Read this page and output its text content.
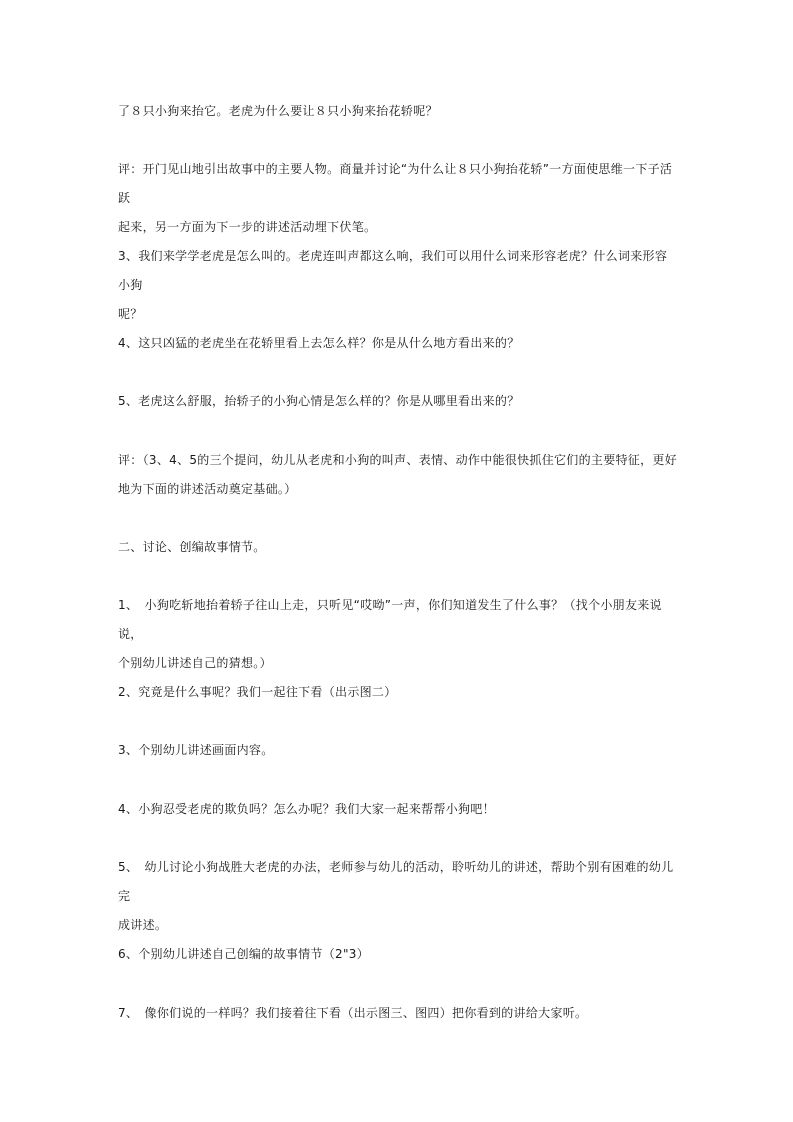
了８只小狗来抬它。老虎为什么要让８只小狗来抬花轿呢？

评：开门见山地引出故事中的主要人物。商量并讨论“为什么让８只小狗抬花轿”一方面使思维一下子活跃
起来，另一方面为下一步的讲述活动埋下伏笔。

3、我们来学学老虎是怎么叫的。老虎连叫声都这么响，我们可以用什么词来形容老虎？什么词来形容小狗
呢？

4、这只凶猛的老虎坐在花轿里看上去怎么样？你是从什么地方看出来的？

5、老虎这么舒服，抬轿子的小狗心情是怎么样的？你是从哪里看出来的？

评：（3、4、5的三个提问，幼儿从老虎和小狗的叫声、表情、动作中能很快抓住它们的主要特征，更好
地为下面的讲述活动奠定基础。）

二、讨论、创编故事情节。

1、　小狗吃斩地抬着轿子往山上走，只听见“哎呦”一声，你们知道发生了什么事？（找个小朋友来说说，
个别幼儿讲述自己的猜想。）

2、究竟是什么事呢？我们一起往下看（出示图二）

3、个别幼儿讲述画面内容。

4、小狗忍受老虎的欺负吗？怎么办呢？我们大家一起来帮帮小狗吧！

5、　幼儿讨论小狗战胜大老虎的办法，老师参与幼儿的活动，聆听幼儿的讲述，帮助个别有困难的幼儿完
成讲述。

6、个别幼儿讲述自己创编的故事情节（2"3）

7、　像你们说的一样吗？我们接着往下看（出示图三、图四）把你看到的讲给大家听。
